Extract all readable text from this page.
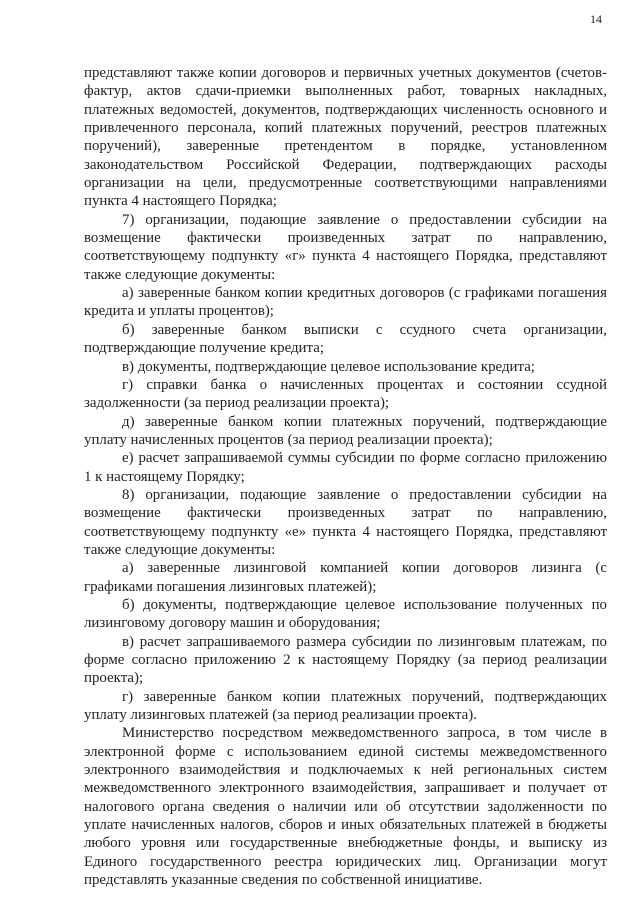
14

представляют также копии договоров и первичных учетных документов (счетов-фактур, актов сдачи-приемки выполненных работ, товарных накладных, платежных ведомостей, документов, подтверждающих численность основного и привлеченного персонала, копий платежных поручений, реестров платежных поручений), заверенные претендентом в порядке, установленном законодательством Российской Федерации, подтверждающих расходы организации на цели, предусмотренные соответствующими направлениями пункта 4 настоящего Порядка;

7) организации, подающие заявление о предоставлении субсидии на возмещение фактически произведенных затрат по направлению, соответствующему подпункту «г» пункта 4 настоящего Порядка, представляют также следующие документы:

а) заверенные банком копии кредитных договоров (с графиками погашения кредита и уплаты процентов);

б) заверенные банком выписки с ссудного счета организации, подтверждающие получение кредита;

в) документы, подтверждающие целевое использование кредита;

г) справки банка о начисленных процентах и состоянии ссудной задолженности (за период реализации проекта);

д) заверенные банком копии платежных поручений, подтверждающие уплату начисленных процентов (за период реализации проекта);

е) расчет запрашиваемой суммы субсидии по форме согласно приложению 1 к настоящему Порядку;

8) организации, подающие заявление о предоставлении субсидии на возмещение фактически произведенных затрат по направлению, соответствующему подпункту «е» пункта 4 настоящего Порядка, представляют также следующие документы:

а) заверенные лизинговой компанией копии договоров лизинга (с графиками погашения лизинговых платежей);

б) документы, подтверждающие целевое использование полученных по лизинговому договору машин и оборудования;

в) расчет запрашиваемого размера субсидии по лизинговым платежам, по форме согласно приложению 2 к настоящему Порядку (за период реализации проекта);

г) заверенные банком копии платежных поручений, подтверждающих уплату лизинговых платежей (за период реализации проекта).

Министерство посредством межведомственного запроса, в том числе в электронной форме с использованием единой системы межведомственного электронного взаимодействия и подключаемых к ней региональных систем межведомственного электронного взаимодействия, запрашивает и получает от налогового органа сведения о наличии или об отсутствии задолженности по уплате начисленных налогов, сборов и иных обязательных платежей в бюджеты любого уровня или государственные внебюджетные фонды, и выписку из Единого государственного реестра юридических лиц. Организации могут представлять указанные сведения по собственной инициативе.
